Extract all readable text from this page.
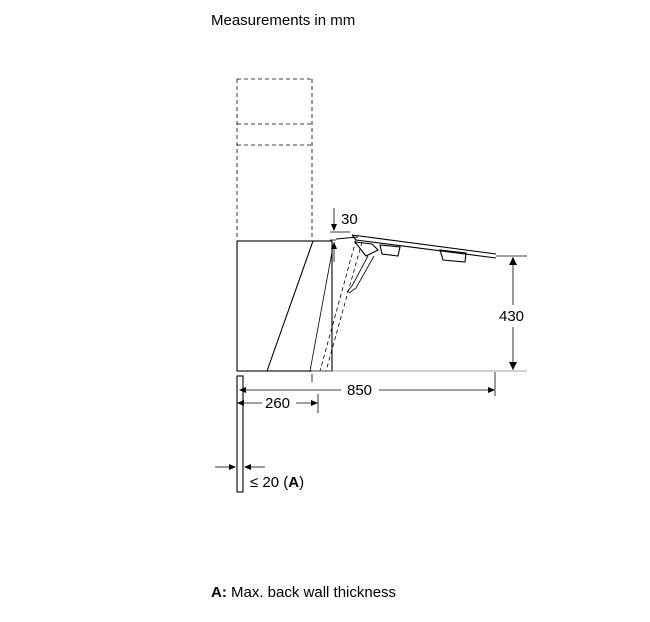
Measurements in mm
30
430
850
260
≤ 20 (A)
A: Max. back wall thickness
